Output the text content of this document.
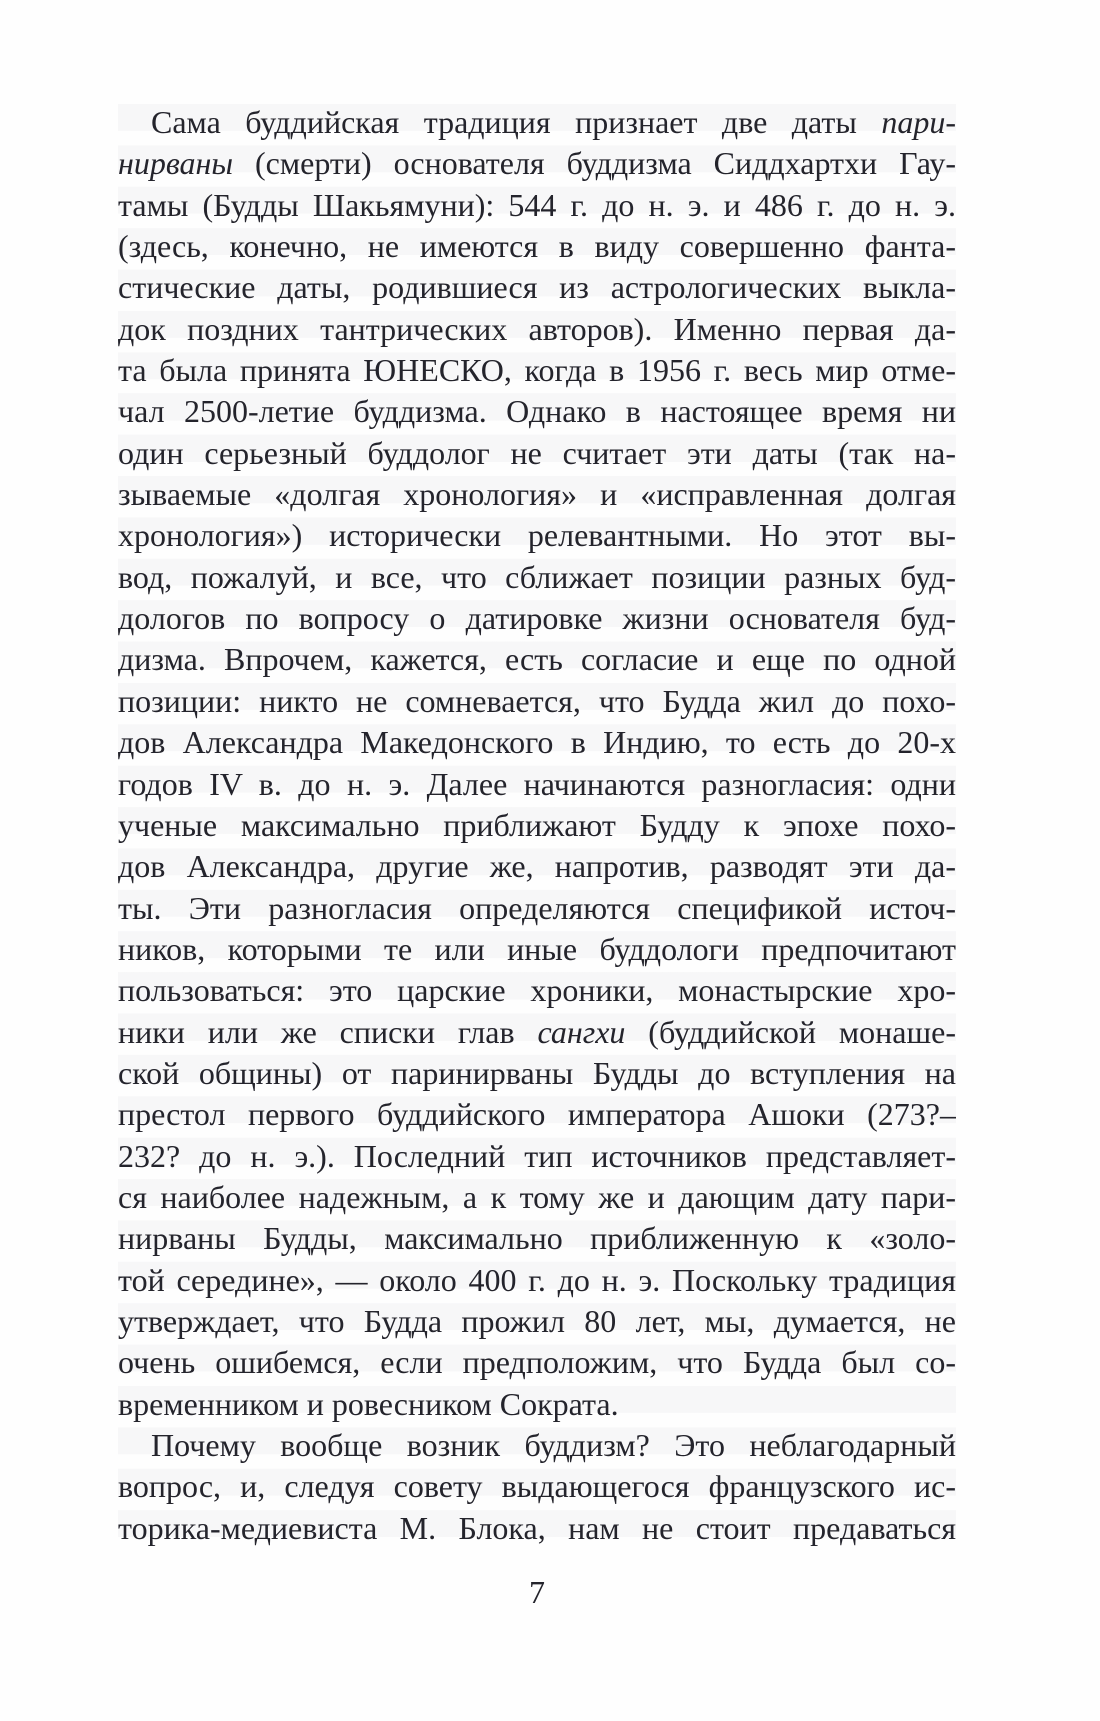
Сама буддийская традиция признает две даты пари-
нирваны (смерти) основателя буддизма Сиддхартхи Гау-
тамы (Будды Шакьямуни): 544 г. до н. э. и 486 г. до н. э.
(здесь, конечно, не имеются в виду совершенно фанта-
стические даты, родившиеся из астрологических выкла-
док поздних тантрических авторов). Именно первая да-
та была принята ЮНЕСКО, когда в 1956 г. весь мир отме-
чал 2500-летие буддизма. Однако в настоящее время ни
один серьезный буддолог не считает эти даты (так на-
зываемые «долгая хронология» и «исправленная долгая
хронология») исторически релевантными. Но этот вы-
вод, пожалуй, и все, что сближает позиции разных буд-
дологов по вопросу о датировке жизни основателя буд-
дизма. Впрочем, кажется, есть согласие и еще по одной
позиции: никто не сомневается, что Будда жил до похо-
дов Александра Македонского в Индию, то есть до 20-х
годов IV в. до н. э. Далее начинаются разногласия: одни
ученые максимально приближают Будду к эпохе похо-
дов Александра, другие же, напротив, разводят эти да-
ты. Эти разногласия определяются спецификой источ-
ников, которыми те или иные буддологи предпочитают
пользоваться: это царские хроники, монастырские хро-
ники или же списки глав сангхи (буддийской монаше-
ской общины) от паринирваны Будды до вступления на
престол первого буддийского императора Ашоки (273?–
232? до н. э.). Последний тип источников представляет-
ся наиболее надежным, а к тому же и дающим дату пари-
нирваны Будды, максимально приближенную к «золо-
той середине», — около 400 г. до н. э. Поскольку традиция
утверждает, что Будда прожил 80 лет, мы, думается, не
очень ошибемся, если предположим, что Будда был со-
временником и ровесником Сократа.
Почему вообще возник буддизм? Это неблагодарный
вопрос, и, следуя совету выдающегося французского ис-
торика-медиевиста М. Блока, нам не стоит предаваться
7
